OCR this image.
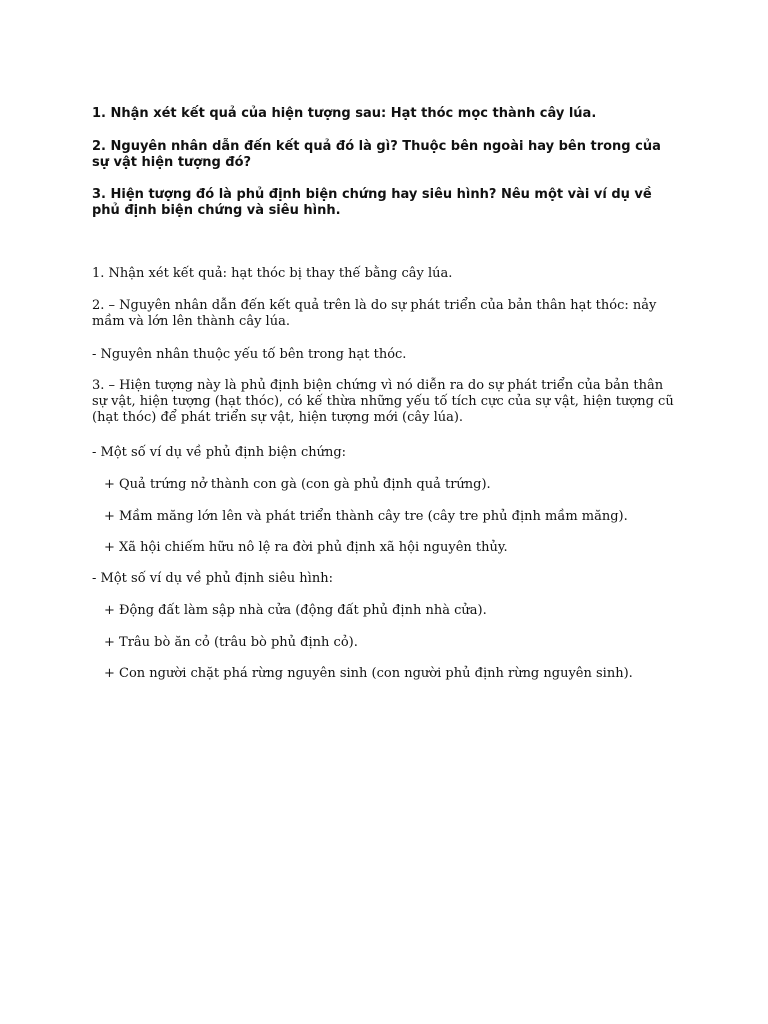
1. Nhận xét kết quả của hiện tượng sau: Hạt thóc mọc thành cây lúa.

2. Nguyên nhân dẫn đến kết quả đó là gì? Thuộc bên ngoài hay bên trong của sự vật hiện tượng đó?

3. Hiện tượng đó là phủ định biện chứng hay siêu hình? Nêu một vài ví dụ về phủ định biện chứng và siêu hình.

1. Nhận xét kết quả: hạt thóc bị thay thế bằng cây lúa.

2. – Nguyên nhân dẫn đến kết quả trên là do sự phát triển của bản thân hạt thóc: nảy mầm và lớn lên thành cây lúa.

- Nguyên nhân thuộc yếu tố bên trong hạt thóc.

3. – Hiện tượng này là phủ định biện chứng vì nó diễn ra do sự phát triển của bản thân sự vật, hiện tượng (hạt thóc), có kế thừa những yếu tố tích cực của sự vật, hiện tượng cũ (hạt thóc) để phát triển sự vật, hiện tượng mới (cây lúa).

- Một số ví dụ về phủ định biện chứng:

+ Quả trứng nở thành con gà (con gà phủ định quả trứng).

+ Mầm măng lớn lên và phát triển thành cây tre (cây tre phủ định mầm măng).

+ Xã hội chiếm hữu nô lệ ra đời phủ định xã hội nguyên thủy.

- Một số ví dụ về phủ định siêu hình:

+ Động đất làm sập nhà cửa (động đất phủ định nhà cửa).

+ Trâu bò ăn cỏ (trâu bò phủ định cỏ).

+ Con người chặt phá rừng nguyên sinh (con người phủ định rừng nguyên sinh).
